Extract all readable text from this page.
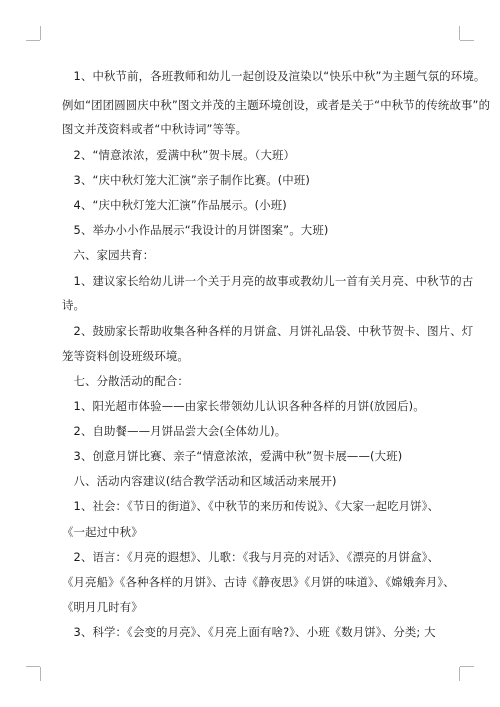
　1、中秋节前，各班教师和幼儿一起创设及渲染以“快乐中秋”为主题气氛的环境。
例如“团团圆圆庆中秋”图文并茂的主题环境创设，或者是关于“中秋节的传统故事”的
图文并茂资料或者“中秋诗词”等等。
　2、“情意浓浓，爱满中秋”贺卡展。（大班）
　3、“庆中秋灯笼大汇演”亲子制作比赛。(中班)
　4、“庆中秋灯笼大汇演”作品展示。(小班)
　5、举办小小作品展示“我设计的月饼图案”。大班)
　六、家园共育：
　1、建议家长给幼儿讲一个关于月亮的故事或教幼儿一首有关月亮、中秋节的古
诗。
　2、鼓励家长帮助收集各种各样的月饼盒、月饼礼品袋、中秋节贺卡、图片、灯
笼等资料创设班级环境。
　七、分散活动的配合：
　1、阳光超市体验——由家长带领幼儿认识各种各样的月饼(放园后)。
　2、自助餐——月饼品尝大会(全体幼儿)。
　3、创意月饼比赛、亲子“情意浓浓，爱满中秋”贺卡展——(大班)
　八、活动内容建议(结合教学活动和区域活动来展开)
　1、社会：《节日的街道》、《中秋节的来历和传说》、《大家一起吃月饼》、
《一起过中秋》
　2、语言：《月亮的遐想》、儿歌：《我与月亮的对话》、《漂亮的月饼盒》、
《月亮船》《各种各样的月饼》、古诗《静夜思》《月饼的味道》、《嫦娥奔月》、
《明月几时有》
　3、科学：《会变的月亮》、《月亮上面有啥?》、小班《数月饼》、分类; 大
